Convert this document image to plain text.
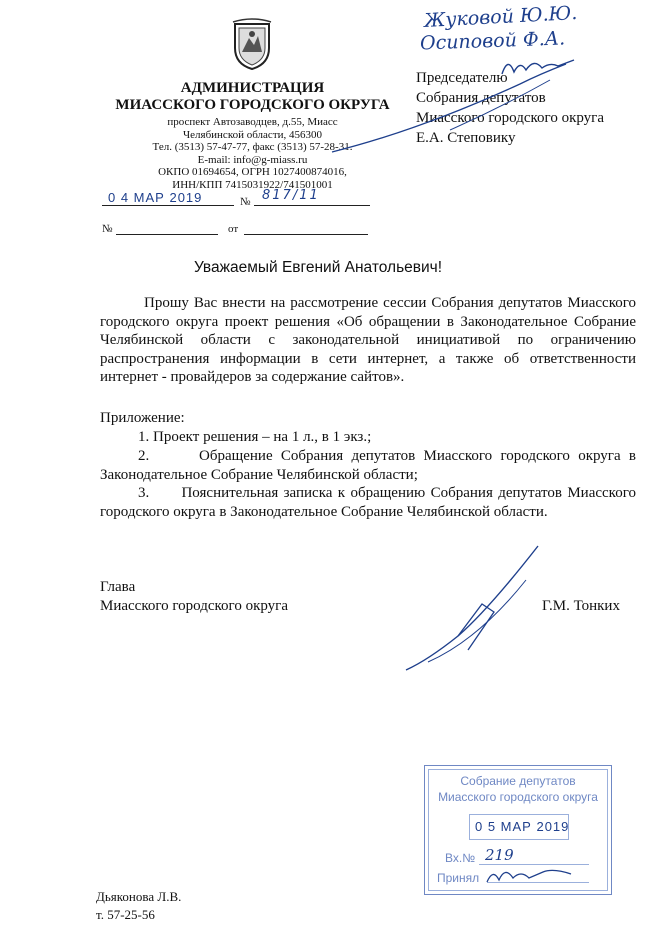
АДМИНИСТРАЦИЯ
МИАССКОГО ГОРОДСКОГО ОКРУГА
проспект Автозаводцев, д.55, Миасс
Челябинской области, 456300
Тел. (3513) 57-47-77, факс (3513) 57-28-31.
E-mail: info@g-miass.ru
ОКПО 01694654, ОГРН 1027400874016,
ИНН/КПП 7415031922/741501001
0 4 МАР 2019	№ 817/11
№	от
Жуковой Ю.Ю.
Осиповой Ф.А.
Председателю
Собрания депутатов
Миасского городского округа
Е.А. Степовику
Уважаемый Евгений Анатольевич!
Прошу Вас внести на рассмотрение сессии Собрания депутатов Миасского городского округа проект решения «Об обращении в Законодательное Собрание Челябинской области с законодательной инициативой по ограничению распространения информации в сети интернет, а также об ответственности интернет - провайдеров за содержание сайтов».
Приложение:
1. Проект решения – на 1 л., в 1 экз.;
2.      Обращение Собрания депутатов Миасского городского округа в Законодательное Собрание Челябинской области;
3.      Пояснительная записка к обращению Собрания депутатов Миасского городского округа в Законодательное Собрание Челябинской области.
Глава
Миасского городского округа	Г.М. Тонких
Собрание депутатов
Миасского городского округа
0 5 МАР 2019
Вх.№ 219
Принял
Дьяконова Л.В.
т. 57-25-56
